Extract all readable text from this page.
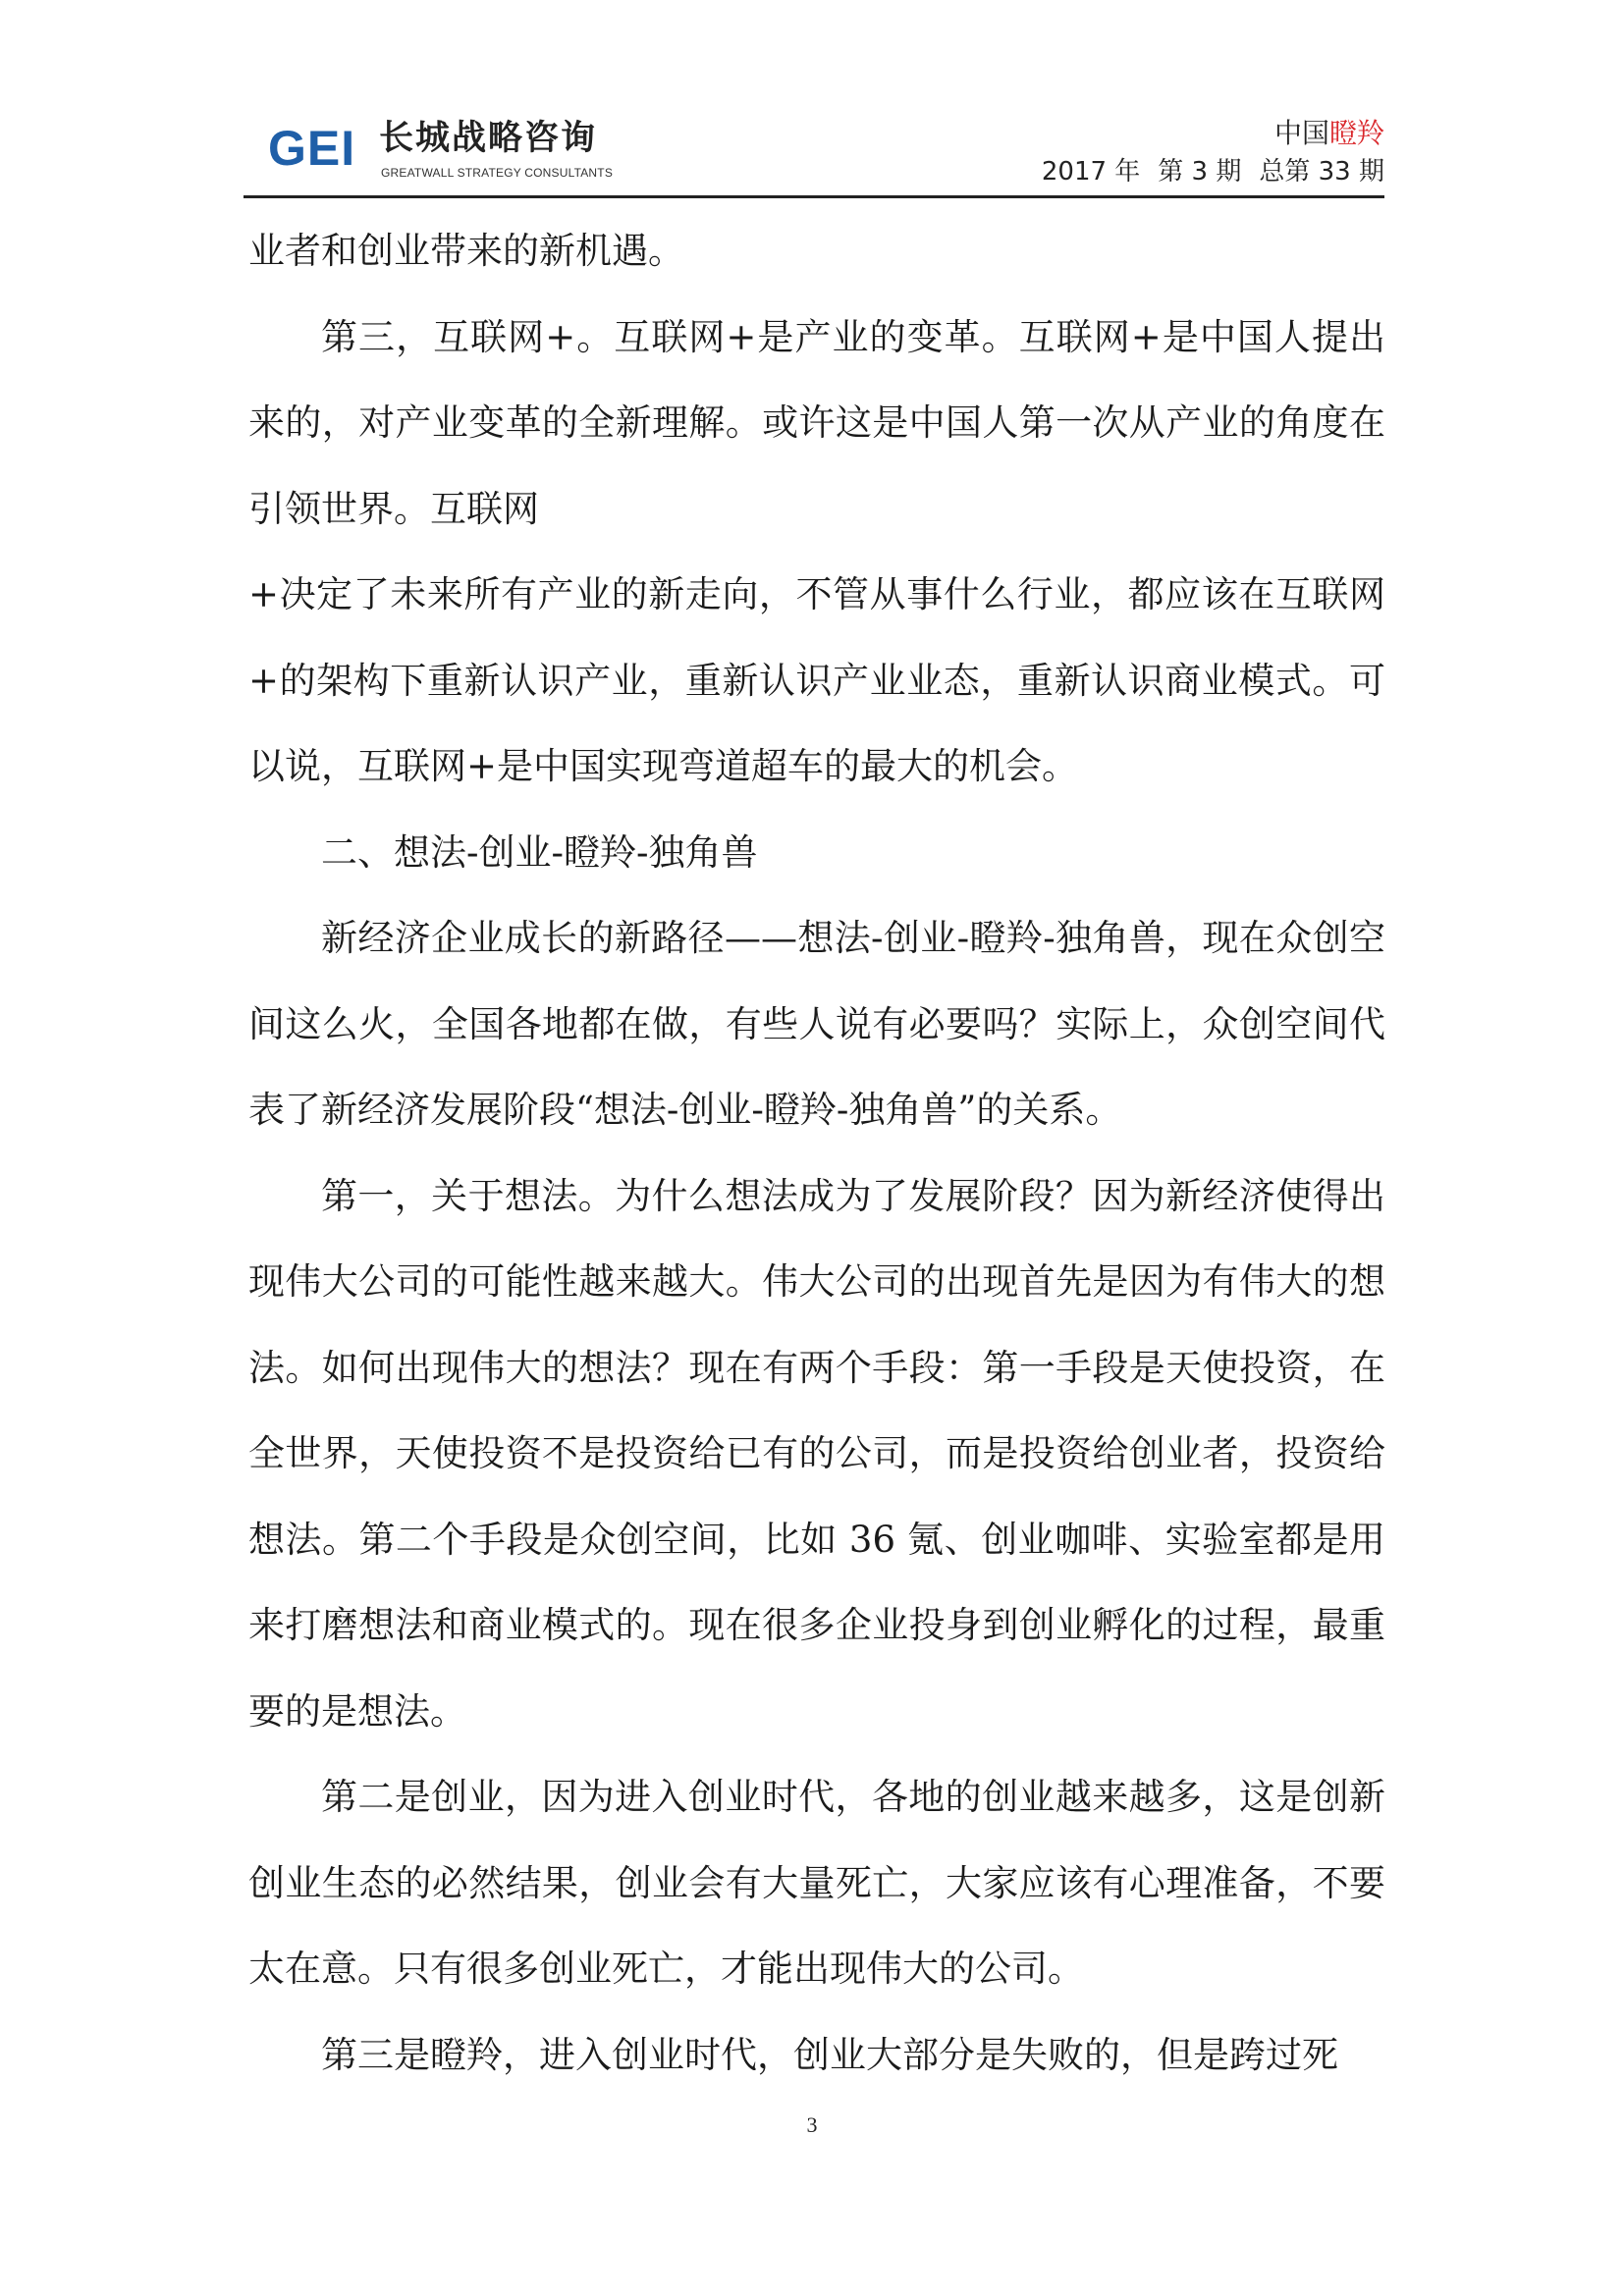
GEI 长城战略咨询
GREATWALL STRATEGY CONSULTANTS
中国瞪羚
2017 年 第 3 期 总第 33 期

业者和创业带来的新机遇。

第三，互联网+。互联网+是产业的变革。互联网+是中国人提出来的，对产业变革的全新理解。或许这是中国人第一次从产业的角度在引领世界。互联网

+决定了未来所有产业的新走向，不管从事什么行业，都应该在互联网+的架构下重新认识产业，重新认识产业业态，重新认识商业模式。可以说，互联网+是中国实现弯道超车的最大的机会。

二、想法-创业-瞪羚-独角兽

新经济企业成长的新路径——想法-创业-瞪羚-独角兽，现在众创空间这么火，全国各地都在做，有些人说有必要吗？实际上，众创空间代表了新经济发展阶段“想法-创业-瞪羚-独角兽”的关系。

第一，关于想法。为什么想法成为了发展阶段？因为新经济使得出现伟大公司的可能性越来越大。伟大公司的出现首先是因为有伟大的想法。如何出现伟大的想法？现在有两个手段：第一手段是天使投资，在全世界，天使投资不是投资给已有的公司，而是投资给创业者，投资给想法。第二个手段是众创空间，比如 36 氪、创业咖啡、实验室都是用来打磨想法和商业模式的。现在很多企业投身到创业孵化的过程，最重要的是想法。

第二是创业，因为进入创业时代，各地的创业越来越多，这是创新创业生态的必然结果，创业会有大量死亡，大家应该有心理准备，不要太在意。只有很多创业死亡，才能出现伟大的公司。

第三是瞪羚，进入创业时代，创业大部分是失败的，但是跨过死

3
